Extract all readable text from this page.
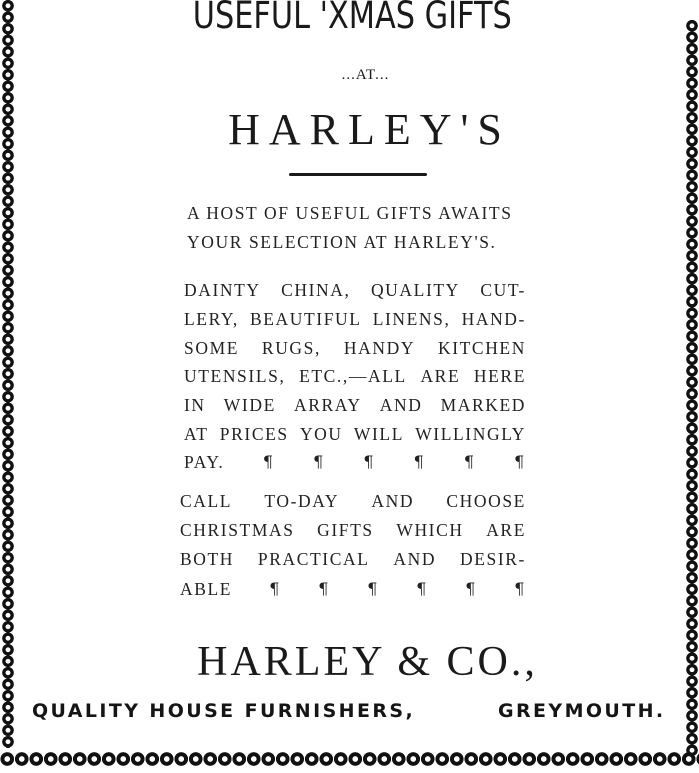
USEFUL 'XMAS GIFTS
...AT...
HARLEY'S
A HOST OF USEFUL GIFTS AWAITS
YOUR SELECTION AT HARLEY'S.
DAINTY CHINA, QUALITY CUT-
LERY, BEAUTIFUL LINENS, HAND-
SOME RUGS, HANDY KITCHEN
UTENSILS, ETC.,—ALL ARE HERE
IN WIDE ARRAY AND MARKED
AT PRICES YOU WILL WILLINGLY
PAY. ¶ ¶ ¶ ¶ ¶ ¶
CALL TO-DAY AND CHOOSE
CHRISTMAS GIFTS WHICH ARE
BOTH PRACTICAL AND DESIR-
ABLE ¶ ¶ ¶ ¶ ¶ ¶
HARLEY & CO.,
QUALITY HOUSE FURNISHERS,	GREYMOUTH.
